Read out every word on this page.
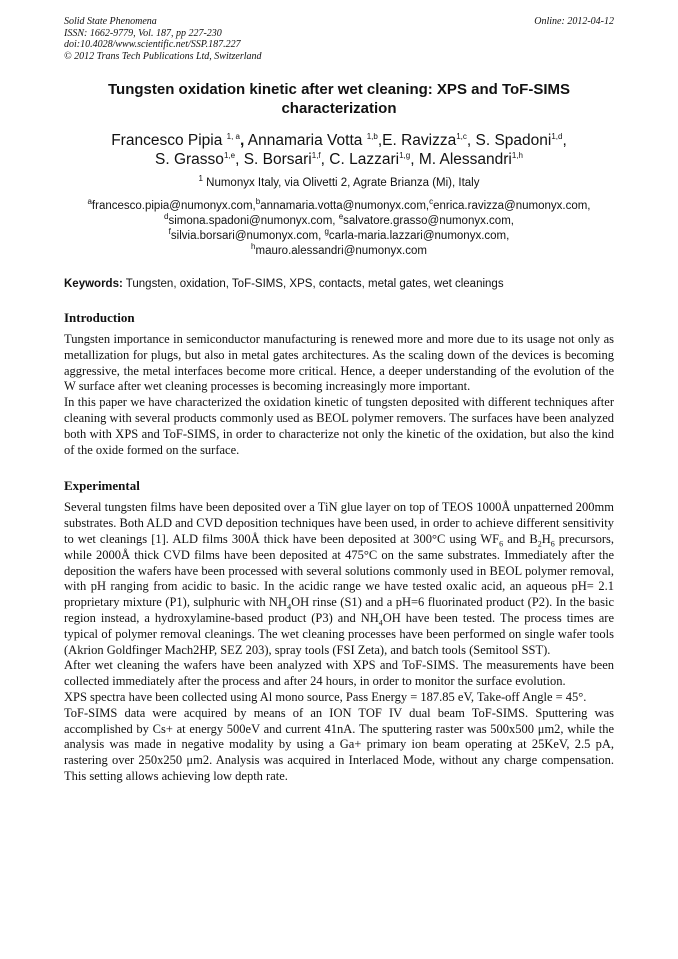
Solid State Phenomena
ISSN: 1662-9779, Vol. 187, pp 227-230
doi:10.4028/www.scientific.net/SSP.187.227
© 2012 Trans Tech Publications Ltd, Switzerland
Online: 2012-04-12
Tungsten oxidation kinetic after wet cleaning: XPS and ToF-SIMS
characterization
Francesco Pipia $^{1, a}$, Annamaria Votta $^{1,b}$,E. Ravizza$^{1,c}$, S. Spadoni$^{1,d}$,
S. Grasso$^{1,e}$, S. Borsari$^{1,f}$, C. Lazzari$^{1,g}$, M. Alessandri$^{1,h}$
$^1$ Numonyx Italy, via Olivetti 2, Agrate Brianza (Mi), Italy
$^a$francesco.pipia@numonyx.com,$^b$annamaria.votta@numonyx.com,$^c$enrica.ravizza@numonyx.com,
$^d$simona.spadoni@numonyx.com, $^e$salvatore.grasso@numonyx.com,
$^f$silvia.borsari@numonyx.com, $^g$carla-maria.lazzari@numonyx.com,
$^h$mauro.alessandri@numonyx.com
Keywords: Tungsten, oxidation, ToF-SIMS, XPS, contacts, metal gates, wet cleanings
Introduction

Tungsten importance in semiconductor manufacturing is renewed more and more due to its usage not only as metallization for plugs, but also in metal gates architectures. As the scaling down of the devices is becoming aggressive, the metal interfaces become more critical. Hence, a deeper understanding of the evolution of the W surface after wet cleaning processes is becoming increasingly more important.

In this paper we have characterized the oxidation kinetic of tungsten deposited with different techniques after cleaning with several products commonly used as BEOL polymer removers. The surfaces have been analyzed both with XPS and ToF-SIMS, in order to characterize not only the kinetic of the oxidation, but also the kind of the oxide formed on the surface.

Experimental

Several tungsten films have been deposited over a TiN glue layer on top of TEOS 1000Å unpatterned 200mm substrates. Both ALD and CVD deposition techniques have been used, in order to achieve different sensitivity to wet cleanings [1]. ALD films 300Å thick have been deposited at 300°C using $WF_6$ and $B_2H_6$ precursors, while 2000Å thick CVD films have been deposited at 475°C on the same substrates. Immediately after the deposition the wafers have been processed with several solutions commonly used in BEOL polymer removal, with pH ranging from acidic to basic. In the acidic range we have tested oxalic acid, an aqueous pH= 2.1 proprietary mixture (P1), sulphuric with $NH_4OH$ rinse (S1) and a pH=6 fluorinated product (P2). In the basic region instead, a hydroxylamine-based product (P3) and $NH_4OH$ have been tested. The process times are typical of polymer removal cleanings. The wet cleaning processes have been performed on single wafer tools (Akrion Goldfinger Mach2HP, SEZ 203), spray tools (FSI Zeta), and batch tools (Semitool SST).

After wet cleaning the wafers have been analyzed with XPS and ToF-SIMS. The measurements have been collected immediately after the process and after 24 hours, in order to monitor the surface evolution.

XPS spectra have been collected using Al mono source, Pass Energy = 187.85 eV, Take-off Angle = 45°.

ToF-SIMS data were acquired by means of an ION TOF IV dual beam ToF-SIMS. Sputtering was accomplished by Cs+ at energy 500eV and current 41nA. The sputtering raster was 500x500 μm2, while the analysis was made in negative modality by using a Ga+ primary ion beam operating at 25KeV, 2.5 pA, rastering over 250x250 μm2. Analysis was acquired in Interlaced Mode, without any charge compensation. This setting allows achieving low depth rate.
